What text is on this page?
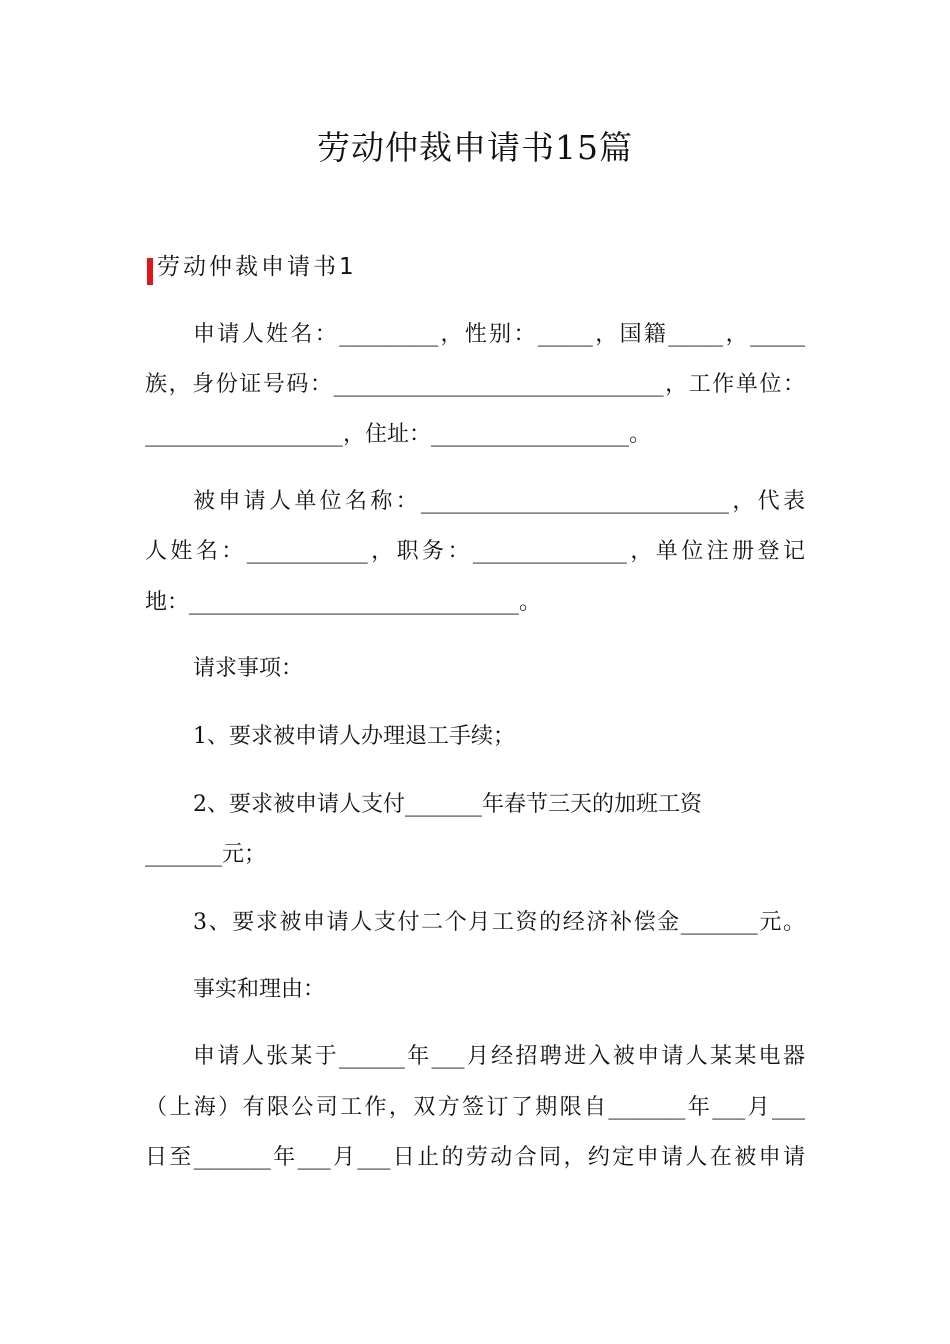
劳动仲裁申请书15篇
劳动仲裁申请书1
申请人姓名：_________，性别：_____，国籍_____，_____
族，身份证号码：______________________________，工作单位：
__________________，住址：__________________。
被申请人单位名称：____________________________，代表
人姓名：___________，职务：______________，单位注册登记
地：______________________________。
请求事项：
1、要求被申请人办理退工手续；
2、要求被申请人支付_______年春节三天的加班工资
_______元；
3、要求被申请人支付二个月工资的经济补偿金_______元。
事实和理由：
申请人张某于______年___月经招聘进入被申请人某某电器
（上海）有限公司工作，双方签订了期限自_______年___月___
日至_______年___月___日止的劳动合同，约定申请人在被申请
